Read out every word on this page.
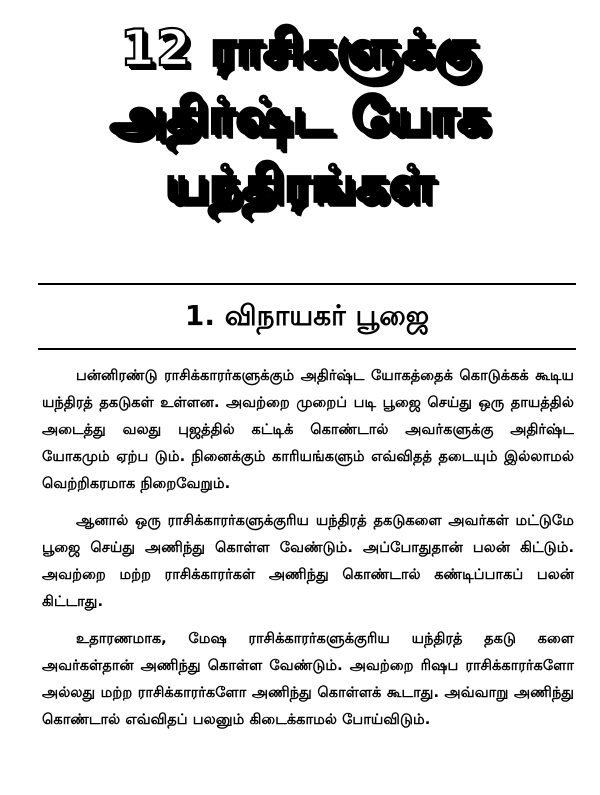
12 ராசிகளுக்கு
அதிர்ஷ்ட யோக
யந்திரங்கள்
1. விநாயகர் பூஜை

பன்னிரண்டு ராசிக்காரர்களுக்கும் அதிர்ஷ்ட யோகத்தைக் கொடுக்கக் கூடிய யந்திரத் தகடுகள் உள்ளன. அவற்றை முறைப் படி பூஜை செய்து ஒரு தாயத்தில் அடைத்து வலது புஜத்தில் கட்டிக் கொண்டால் அவர்களுக்கு அதிர்ஷ்ட யோகமும் ஏற்ப டும். நினைக்கும் காரியங்களும் எவ்விதத் தடையும் இல்லாமல் வெற்றிகரமாக நிறைவேறும்.

ஆனால் ஒரு ராசிக்காரர்களுக்குரிய யந்திரத் தகடுகளை அவர்கள் மட்டுமே பூஜை செய்து அணிந்து கொள்ள வேண்டும். அப்போதுதான் பலன் கிட்டும். அவற்றை மற்ற ராசிக்காரர்கள் அணிந்து கொண்டால் கண்டிப்பாகப் பலன் கிட்டாது.

உதாரணமாக, மேஷ ராசிக்காரர்களுக்குரிய யந்திரத் தகடு களை அவர்கள்தான் அணிந்து கொள்ள வேண்டும். அவற்றை ரிஷப ராசிக்காரர்களோ அல்லது மற்ற ராசிக்காரர்களோ அணிந்து கொள்ளக் கூடாது. அவ்வாறு அணிந்து கொண்டால் எவ்விதப் பலனும் கிடைக்காமல் போய்விடும்.
